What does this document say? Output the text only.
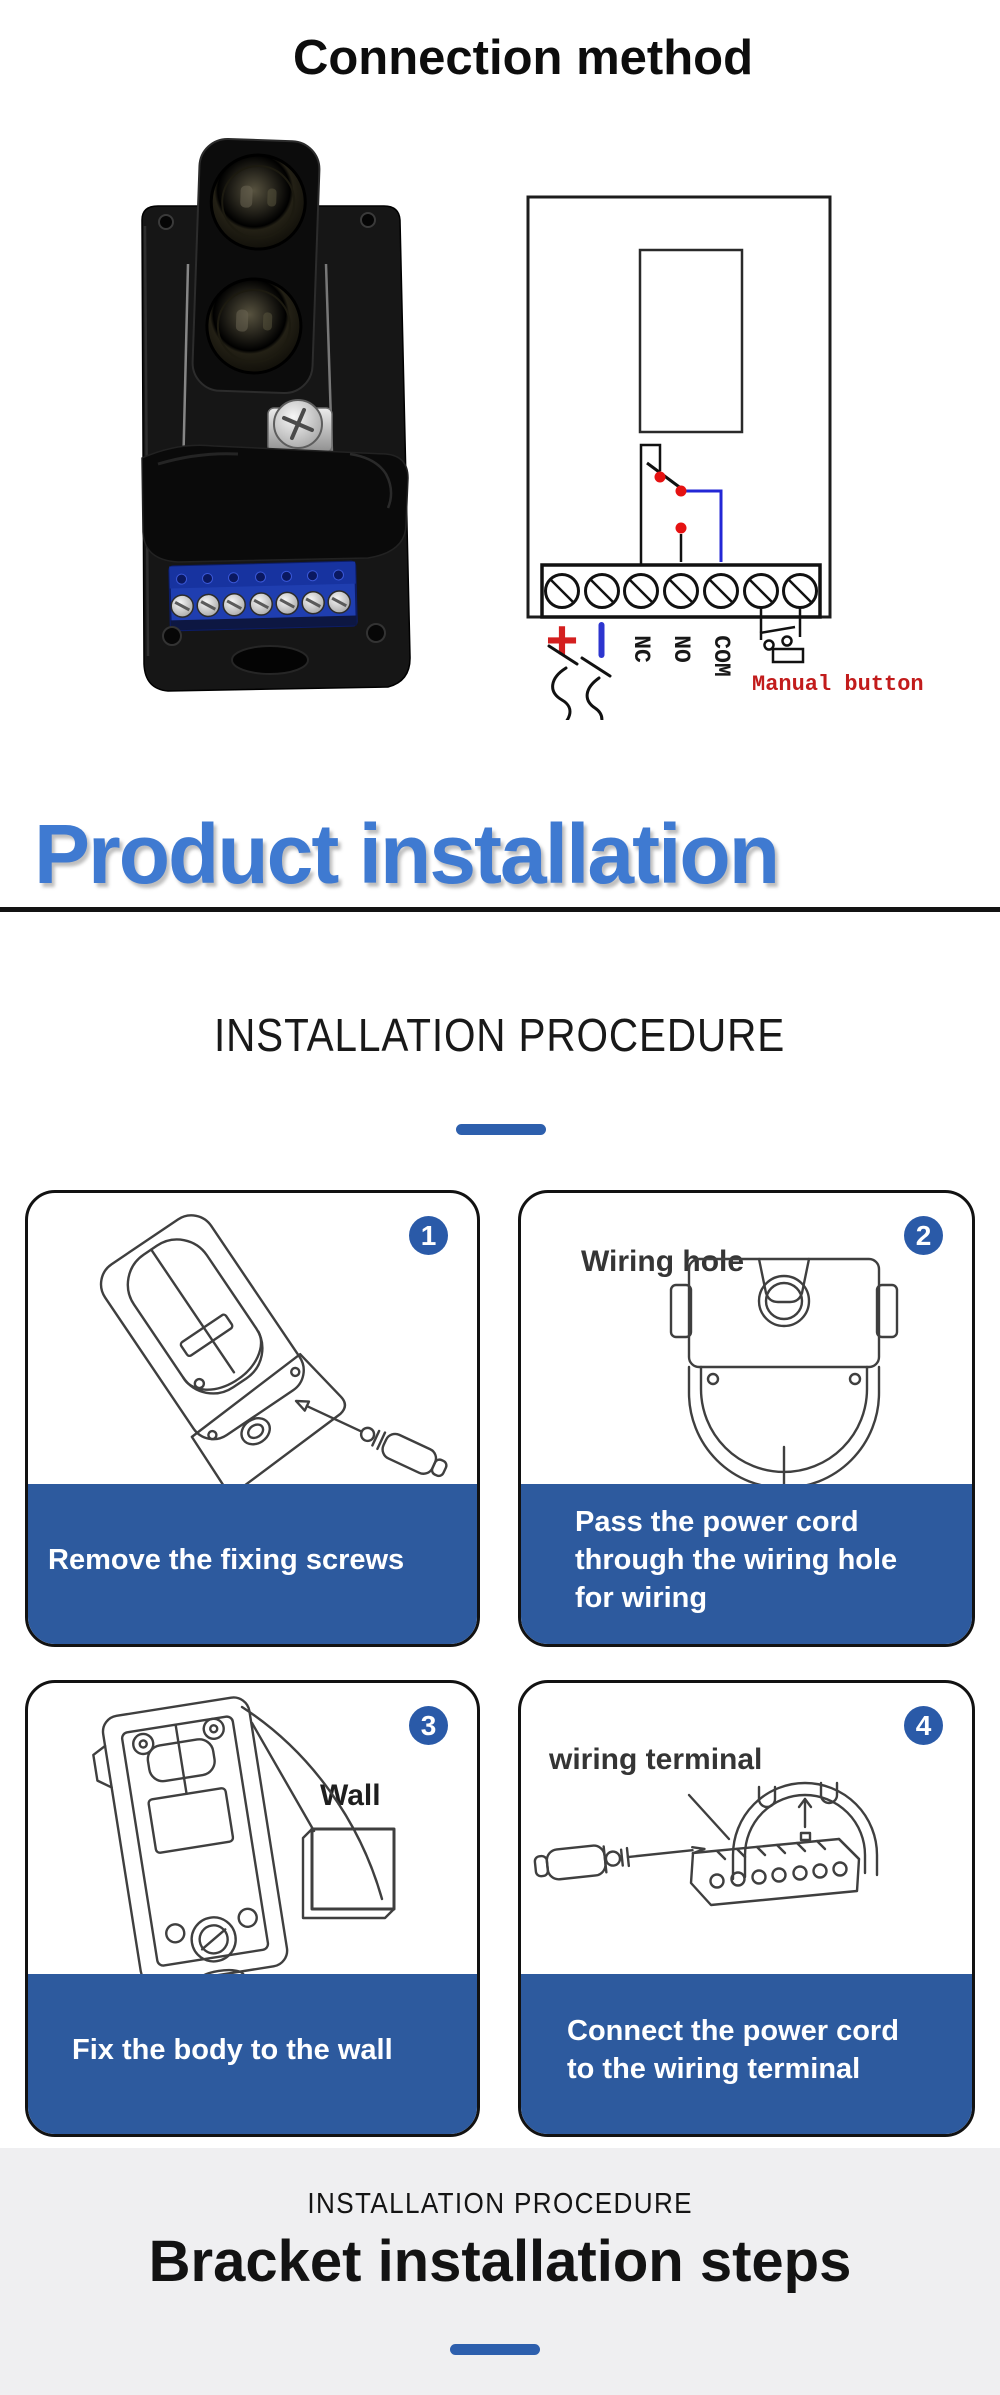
Connection method
+ NC NO COM
Manual button
Product installation
INSTALLATION PROCEDURE
1
Remove the fixing screws
Wiring hole
2
Pass the power cord
through the wiring hole
for wiring
Wall
3
Fix the body to the wall
wiring terminal
4
Connect the power cord
to the wiring terminal
INSTALLATION PROCEDURE
Bracket installation steps
